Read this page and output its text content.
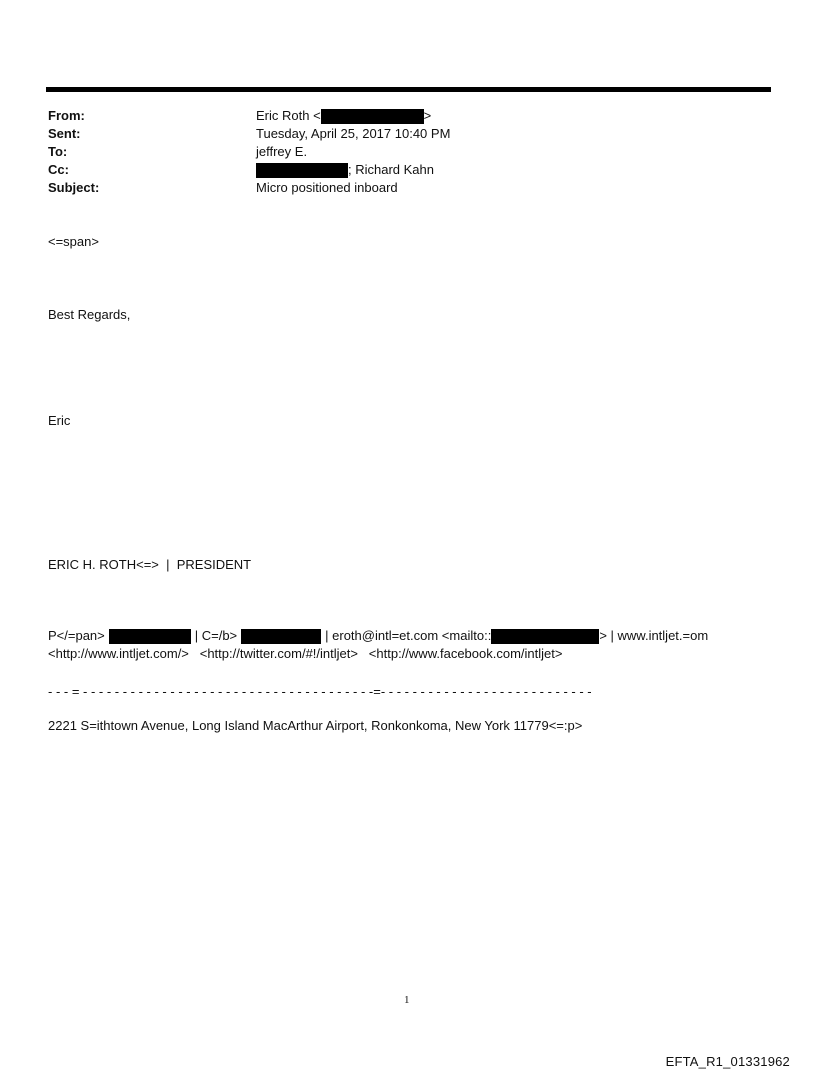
From:	Eric Roth <	>
Sent:	Tuesday, April 25, 2017 10:40 PM
To:	jeffrey E.
Cc:	; Richard Kahn
Subject:	Micro positioned inboard
<=span>
Best Regards,
Eric
ERIC H. ROTH<=>  |  PRESIDENT
P</=pan>	| C=/b>	| eroth@intl=et.com <mailto::	> | www.intljet.=om
<http://www.intljet.com/>   <http://twitter.com/#!/intljet>   <http://www.facebook.com/intljet>
- - - = - - - - - - - - - - - - - - - - - - - - - - - - - - - - - - - - - - - - -=- - - - - - - - - - - - - - - - - - - - - - - - - - -
2221 S=ithtown Avenue, Long Island MacArthur Airport, Ronkonkoma, New York 11779<=:p>
1
EFTA_R1_01331962
